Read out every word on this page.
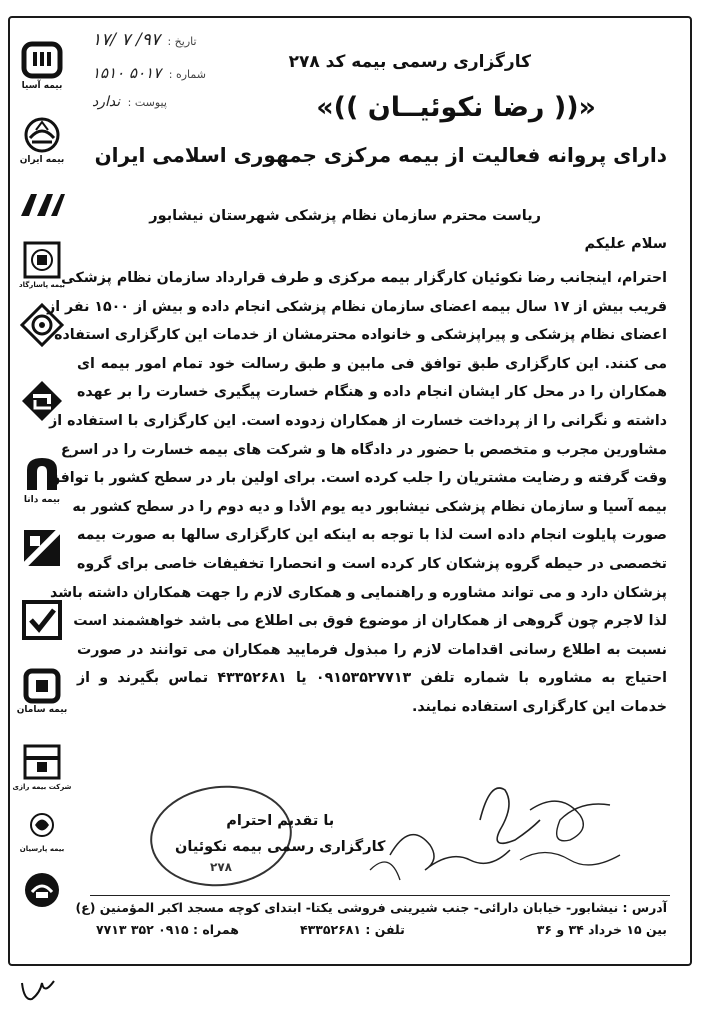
بیمه آسیا
بیمه ایران
بیمه پاسارگاد
بیمه دانا
بیمه سامان
شرکت بیمه رازی
بیمه پارسیان
تاریخ : ۹۷/ ۷ /۱۷
شماره : ۵۰۱۷ ۱۵۱۰
پیوست : ندارد
کارگزاری رسمی بیمه کد ۲۷۸
«(( رضا نکوئیــان ))»
دارای پروانه فعالیت از بیمه مرکزی جمهوری اسلامی ایران
ریاست محترم سازمان نظام پزشکی شهرستان نیشابور
سلام علیکم
احترام، اینجانب رضا نکوئیان کارگزار بیمه مرکزی و طرف قرارداد سازمان نظام پزشکی
قریب بیش از ۱۷ سال بیمه اعضای سازمان نظام پزشکی انجام داده و بیش از ۱۵۰۰ نفر از
اعضای نظام پزشکی و پیراپزشکی و خانواده محترمشان از خدمات این کارگزاری استفاده
می کنند. این کارگزاری طبق توافق فی مابین و طبق رسالت خود تمام امور بیمه ای
همکاران را در محل کار ایشان انجام داده و هنگام خسارت پیگیری خسارت را بر عهده
داشته و نگرانی را از پرداخت خسارت از همکاران زدوده است. این کارگزاری با استفاده از
مشاورین مجرب و متخصص با حضور در دادگاه ها و شرکت های بیمه خسارت را در اسرع
وقت گرفته و رضایت مشتریان را جلب کرده است. برای اولین بار در سطح کشور با توافق
بیمه آسیا و سازمان نظام پزشکی نیشابور دیه یوم الأدا و دیه دوم را در سطح کشور به
صورت پایلوت انجام داده است لذا با توجه به اینکه این کارگزاری سالها به صورت بیمه
تخصصی در حیطه گروه پزشکان کار کرده است و انحصارا تخفیفات خاصی برای گروه
پزشکان دارد و می تواند مشاوره و راهنمایی و همکاری لازم را جهت همکاران داشته باشد
لذا لاجرم چون گروهی از همکاران از موضوع فوق بی اطلاع می باشد خواهشمند است
نسبت به اطلاع رسانی اقدامات لازم را مبذول فرمایید همکاران می توانند در صورت
احتیاج به مشاوره با شماره تلفن ۰۹۱۵۳۵۲۷۷۱۳ یا ۴۳۳۵۲۶۸۱ تماس بگیرند و از
خدمات این کارگزاری استفاده نمایند.
با تقدیم احترام
کارگزاری رسمی بیمه نکوئیان
۲۷۸
آدرس : نیشابور- خیابان دارائی- جنب شیرینی فروشی یکتا- ابتدای کوچه مسجد اکبر المؤمنین (ع)
بین ۱۵ خرداد ۳۴ و ۳۶
تلفن : ۴۳۳۵۲۶۸۱
همراه : ۰۹۱۵ ۳۵۲ ۷۷۱۳
